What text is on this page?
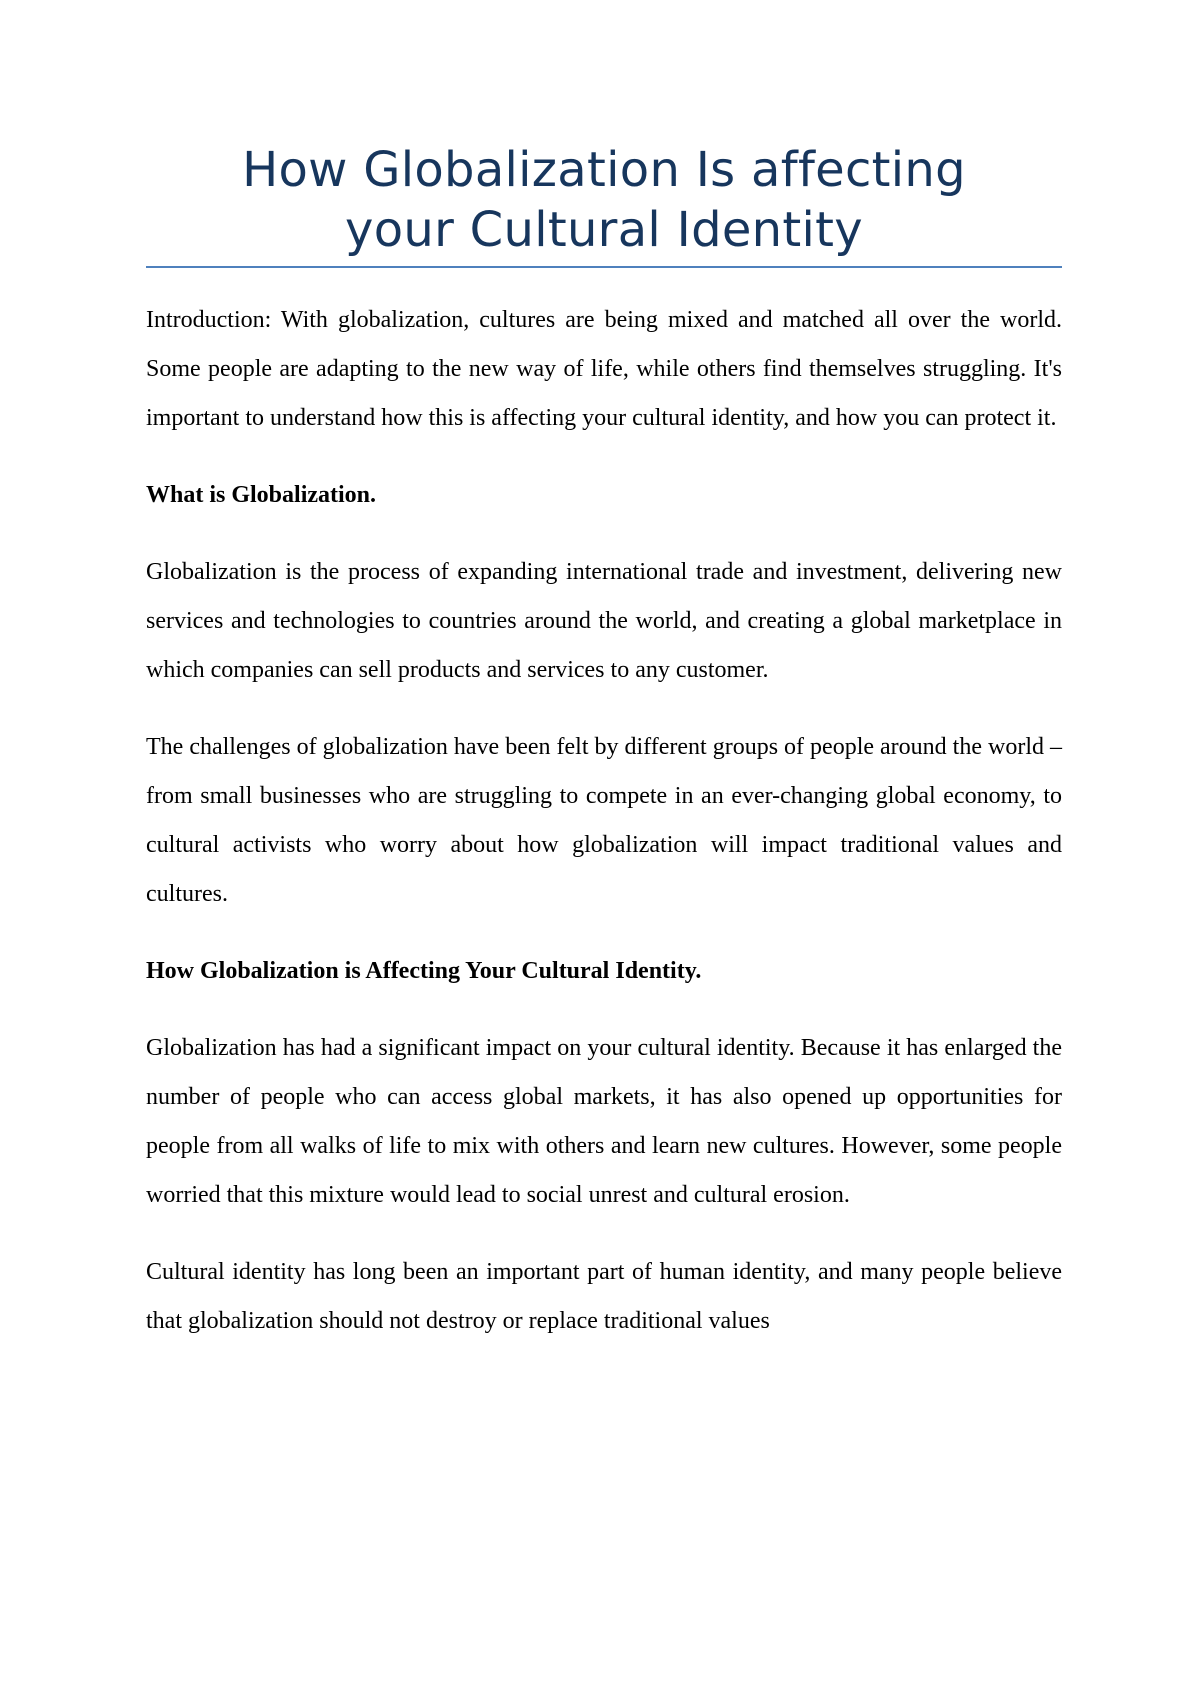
How Globalization Is affecting
your Cultural Identity

Introduction: With globalization, cultures are being mixed and matched all over the world. Some people are adapting to the new way of life, while others find themselves struggling. It's important to understand how this is affecting your cultural identity, and how you can protect it.

What is Globalization.

Globalization is the process of expanding international trade and investment, delivering new services and technologies to countries around the world, and creating a global marketplace in which companies can sell products and services to any customer.

The challenges of globalization have been felt by different groups of people around the world – from small businesses who are struggling to compete in an ever-changing global economy, to cultural activists who worry about how globalization will impact traditional values and cultures.

How Globalization is Affecting Your Cultural Identity.

Globalization has had a significant impact on your cultural identity. Because it has enlarged the number of people who can access global markets, it has also opened up opportunities for people from all walks of life to mix with others and learn new cultures. However, some people worried that this mixture would lead to social unrest and cultural erosion.

Cultural identity has long been an important part of human identity, and many people believe that globalization should not destroy or replace traditional values
